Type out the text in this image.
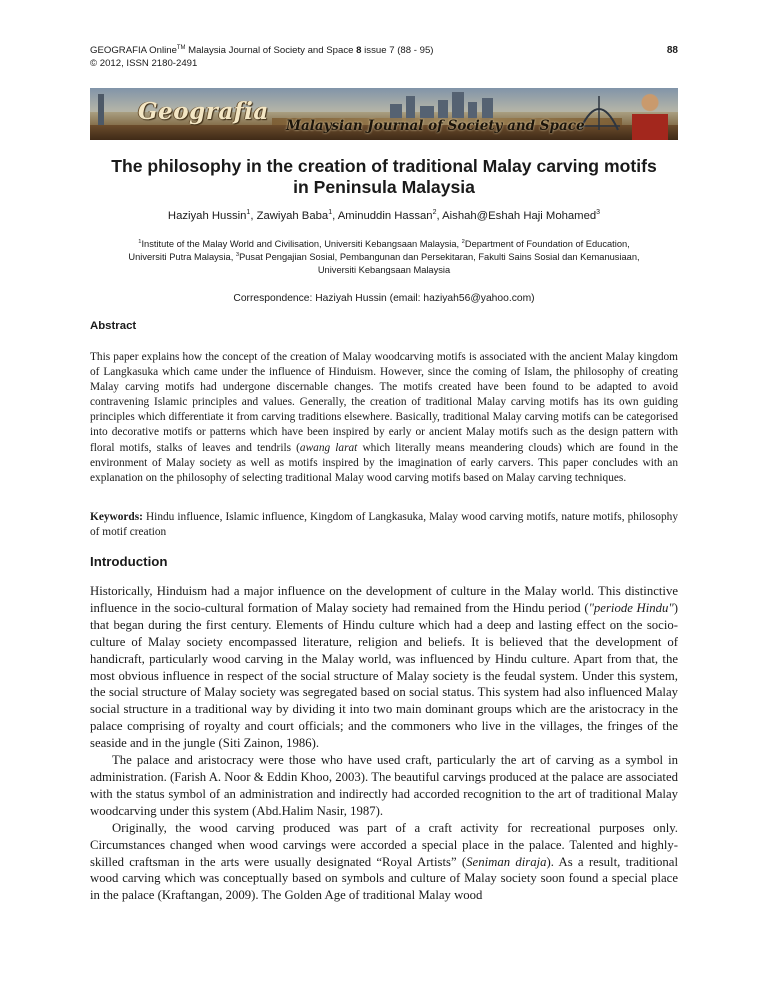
GEOGRAFIA Online™ Malaysia Journal of Society and Space 8 issue 7 (88 - 95)	88
© 2012, ISSN 2180-2491
Geografia
Malaysian Journal of Society and Space
The philosophy in the creation of traditional Malay carving motifs
in Peninsula Malaysia
Haziyah Hussin$^1$, Zawiyah Baba$^1$, Aminuddin Hassan$^2$, Aishah@Eshah Haji Mohamed$^3$
$^1$Institute of the Malay World and Civilisation, Universiti Kebangsaan Malaysia, $^2$Department of Foundation of Education,
Universiti Putra Malaysia, $^3$Pusat Pengajian Sosial, Pembangunan dan Persekitaran, Fakulti Sains Sosial dan Kemanusiaan,
Universiti Kebangsaan Malaysia
Correspondence: Haziyah Hussin (email: haziyah56@yahoo.com)
Abstract

This paper explains how the concept of the creation of Malay woodcarving motifs is associated with the ancient Malay kingdom of Langkasuka which came under the influence of Hinduism. However, since the coming of Islam, the philosophy of creating Malay carving motifs had undergone discernable changes. The motifs created have been found to be adapted to avoid contravening Islamic principles and values. Generally, the creation of traditional Malay carving motifs has its own guiding principles which differentiate it from carving traditions elsewhere. Basically, traditional Malay carving motifs can be categorised into decorative motifs or patterns which have been inspired by early or ancient Malay motifs such as the design pattern with floral motifs, stalks of leaves and tendrils (awang larat which literally means meandering clouds) which are found in the environment of Malay society as well as motifs inspired by the imagination of early carvers. This paper concludes with an explanation on the philosophy of selecting traditional Malay wood carving motifs based on Malay carving techniques.

Keywords: Hindu influence, Islamic influence, Kingdom of Langkasuka, Malay wood carving motifs, nature motifs, philosophy of motif creation

Introduction

Historically, Hinduism had a major influence on the development of culture in the Malay world. This distinctive influence in the socio-cultural formation of Malay society had remained from the Hindu period ("periode Hindu") that began during the first century. Elements of Hindu culture which had a deep and lasting effect on the socio-culture of Malay society encompassed literature, religion and beliefs. It is believed that the development of handicraft, particularly wood carving in the Malay world, was influenced by Hindu culture. Apart from that, the most obvious influence in respect of the social structure of Malay society is the feudal system. Under this system, the social structure of Malay society was segregated based on social status. This system had also influenced Malay social structure in a traditional way by dividing it into two main dominant groups which are the aristocracy in the palace comprising of royalty and court officials; and the commoners who live in the villages, the fringes of the seaside and in the jungle (Siti Zainon, 1986).

The palace and aristocracy were those who have used craft, particularly the art of carving as a symbol in administration. (Farish A. Noor & Eddin Khoo, 2003). The beautiful carvings produced at the palace are associated with the status symbol of an administration and indirectly had accorded recognition to the art of traditional Malay woodcarving under this system (Abd.Halim Nasir, 1987).

Originally, the wood carving produced was part of a craft activity for recreational purposes only. Circumstances changed when wood carvings were accorded a special place in the palace. Talented and highly-skilled craftsman in the arts were usually designated “Royal Artists” (Seniman diraja). As a result, traditional wood carving which was conceptually based on symbols and culture of Malay society soon found a special place in the palace (Kraftangan, 2009). The Golden Age of traditional Malay wood
